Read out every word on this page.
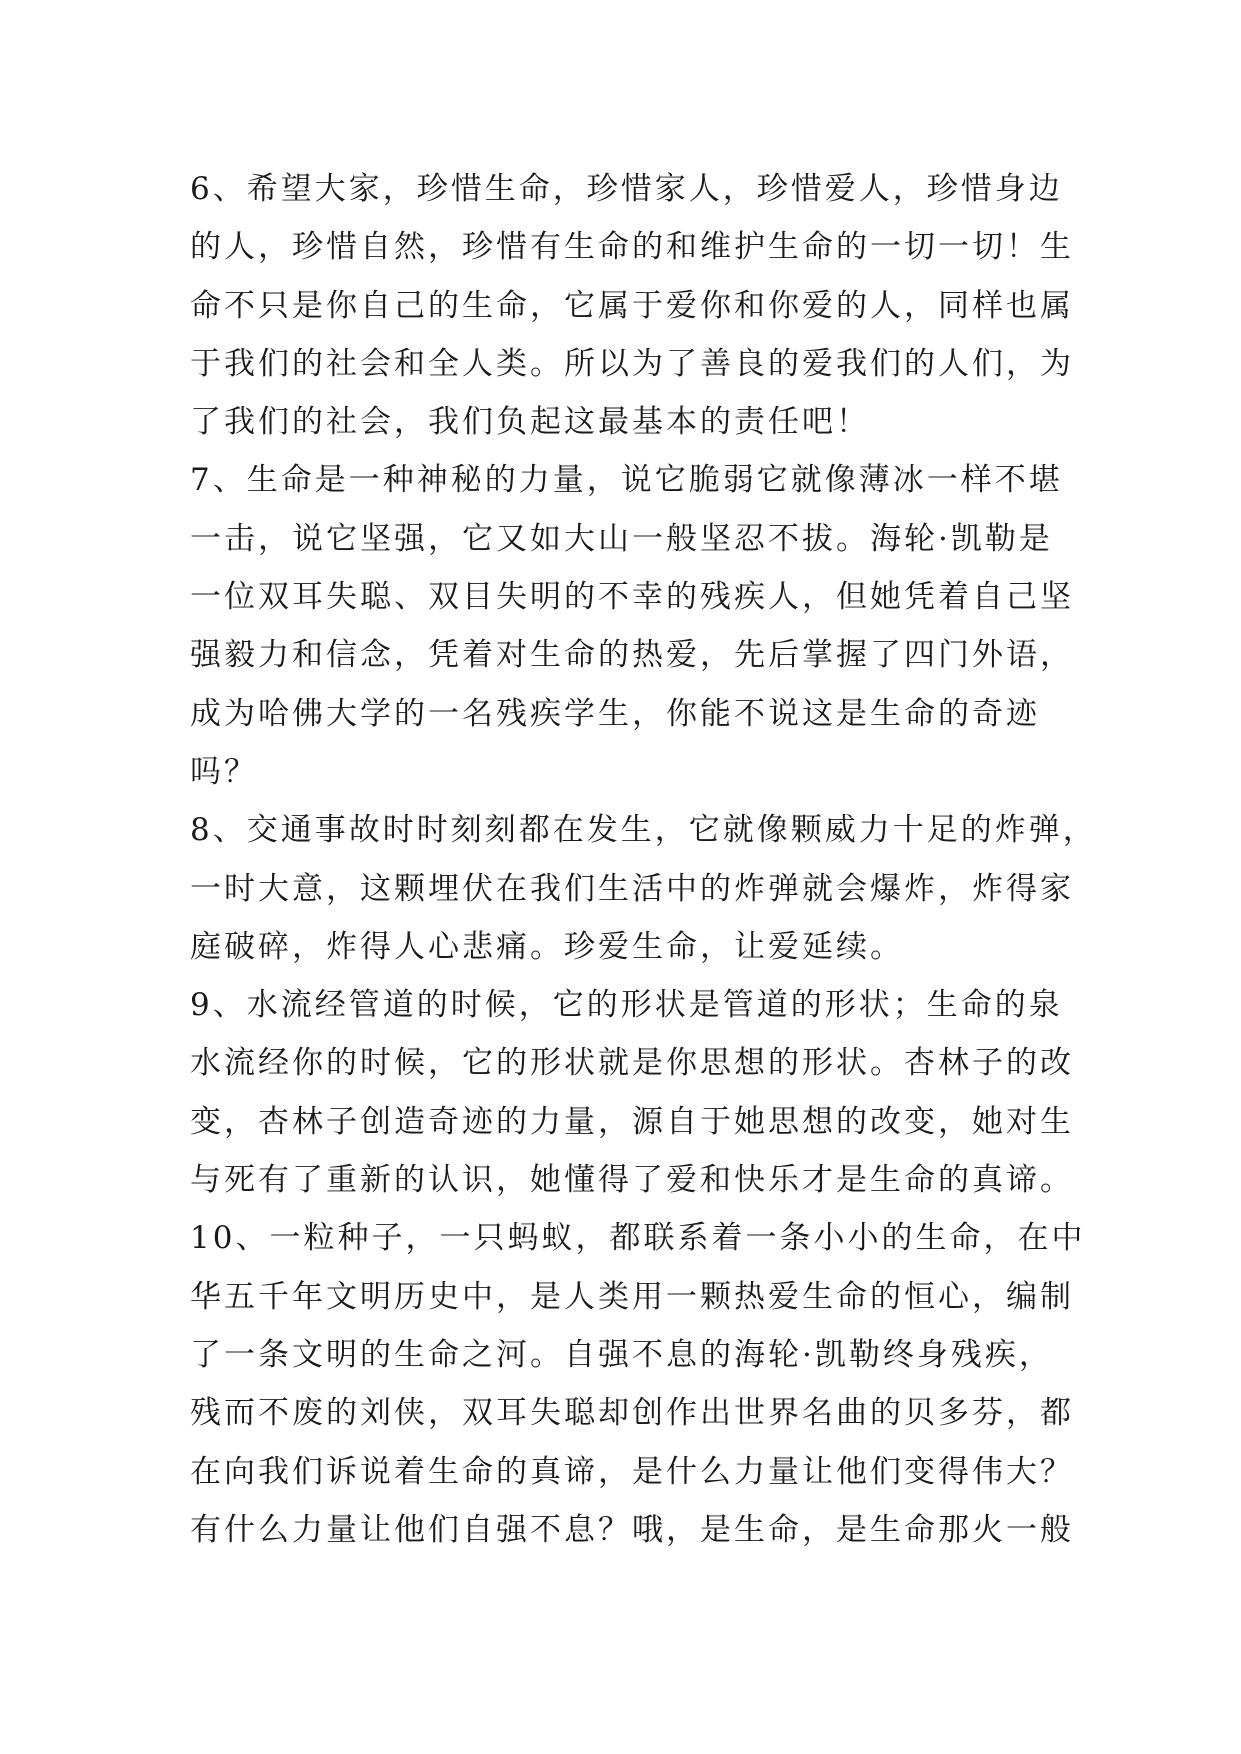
6、希望大家，珍惜生命，珍惜家人，珍惜爱人，珍惜身边

的人，珍惜自然，珍惜有生命的和维护生命的一切一切！生

命不只是你自己的生命，它属于爱你和你爱的人，同样也属

于我们的社会和全人类。所以为了善良的爱我们的人们，为

了我们的社会，我们负起这最基本的责任吧！

7、生命是一种神秘的力量，说它脆弱它就像薄冰一样不堪

一击，说它坚强，它又如大山一般坚忍不拔。海轮·凯勒是

一位双耳失聪、双目失明的不幸的残疾人，但她凭着自己坚

强毅力和信念，凭着对生命的热爱，先后掌握了四门外语，

成为哈佛大学的一名残疾学生，你能不说这是生命的奇迹

吗？

8、交通事故时时刻刻都在发生，它就像颗威力十足的炸弹，

一时大意，这颗埋伏在我们生活中的炸弹就会爆炸，炸得家

庭破碎，炸得人心悲痛。珍爱生命，让爱延续。

9、水流经管道的时候，它的形状是管道的形状；生命的泉

水流经你的时候，它的形状就是你思想的形状。杏林子的改

变，杏林子创造奇迹的力量，源自于她思想的改变，她对生

与死有了重新的认识，她懂得了爱和快乐才是生命的真谛。

10、一粒种子，一只蚂蚁，都联系着一条小小的生命，在中

华五千年文明历史中，是人类用一颗热爱生命的恒心，编制

了一条文明的生命之河。自强不息的海轮·凯勒终身残疾，

残而不废的刘侠，双耳失聪却创作出世界名曲的贝多芬，都

在向我们诉说着生命的真谛，是什么力量让他们变得伟大？

有什么力量让他们自强不息？哦，是生命，是生命那火一般
